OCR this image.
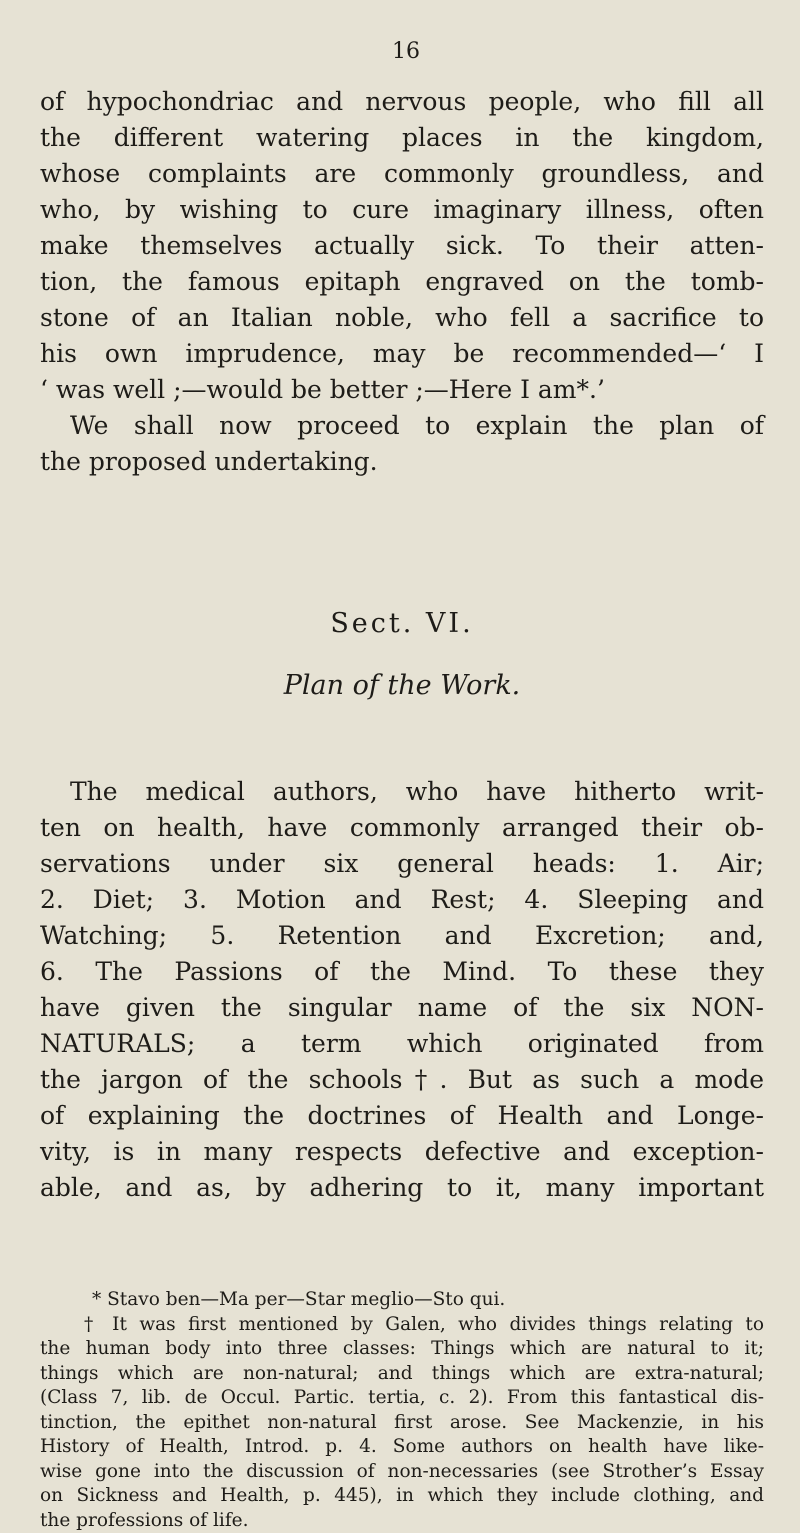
16

of hypochondriac and nervous people, who fill all
the different watering places in the kingdom,
whose complaints are commonly groundless, and
who, by wishing to cure imaginary illness, often
make themselves actually sick. To their atten-
tion, the famous epitaph engraved on the tomb-
stone of an Italian noble, who fell a sacrifice to
his own imprudence, may be recommended—‘ I
‘ was well ;—would be better ;—Here I am*.’
We shall now proceed to explain the plan of
the proposed undertaking.

Sect. VI.
Plan of the Work.

The medical authors, who have hitherto writ-
ten on health, have commonly arranged their ob-
servations under six general heads: 1. Air;
2. Diet; 3. Motion and Rest; 4. Sleeping and
Watching; 5. Retention and Excretion; and,
6. The Passions of the Mind. To these they
have given the singular name of the six NON-
NATURALS; a term which originated from
the jargon of the schools†. But as such a mode
of explaining the doctrines of Health and Longe-
vity, is in many respects defective and exception-
able, and as, by adhering to it, many important

* Stavo ben—Ma per—Star meglio—Sto qui.
† It was first mentioned by Galen, who divides things relating to
the human body into three classes: Things which are natural to it;
things which are non-natural; and things which are extra-natural;
(Class 7, lib. de Occul. Partic. tertia, c. 2). From this fantastical dis-
tinction, the epithet non-natural first arose. See Mackenzie, in his
History of Health, Introd. p. 4. Some authors on health have like-
wise gone into the discussion of non-necessaries (see Strother’s Essay
on Sickness and Health, p. 445), in which they include clothing, and
the professions of life.
